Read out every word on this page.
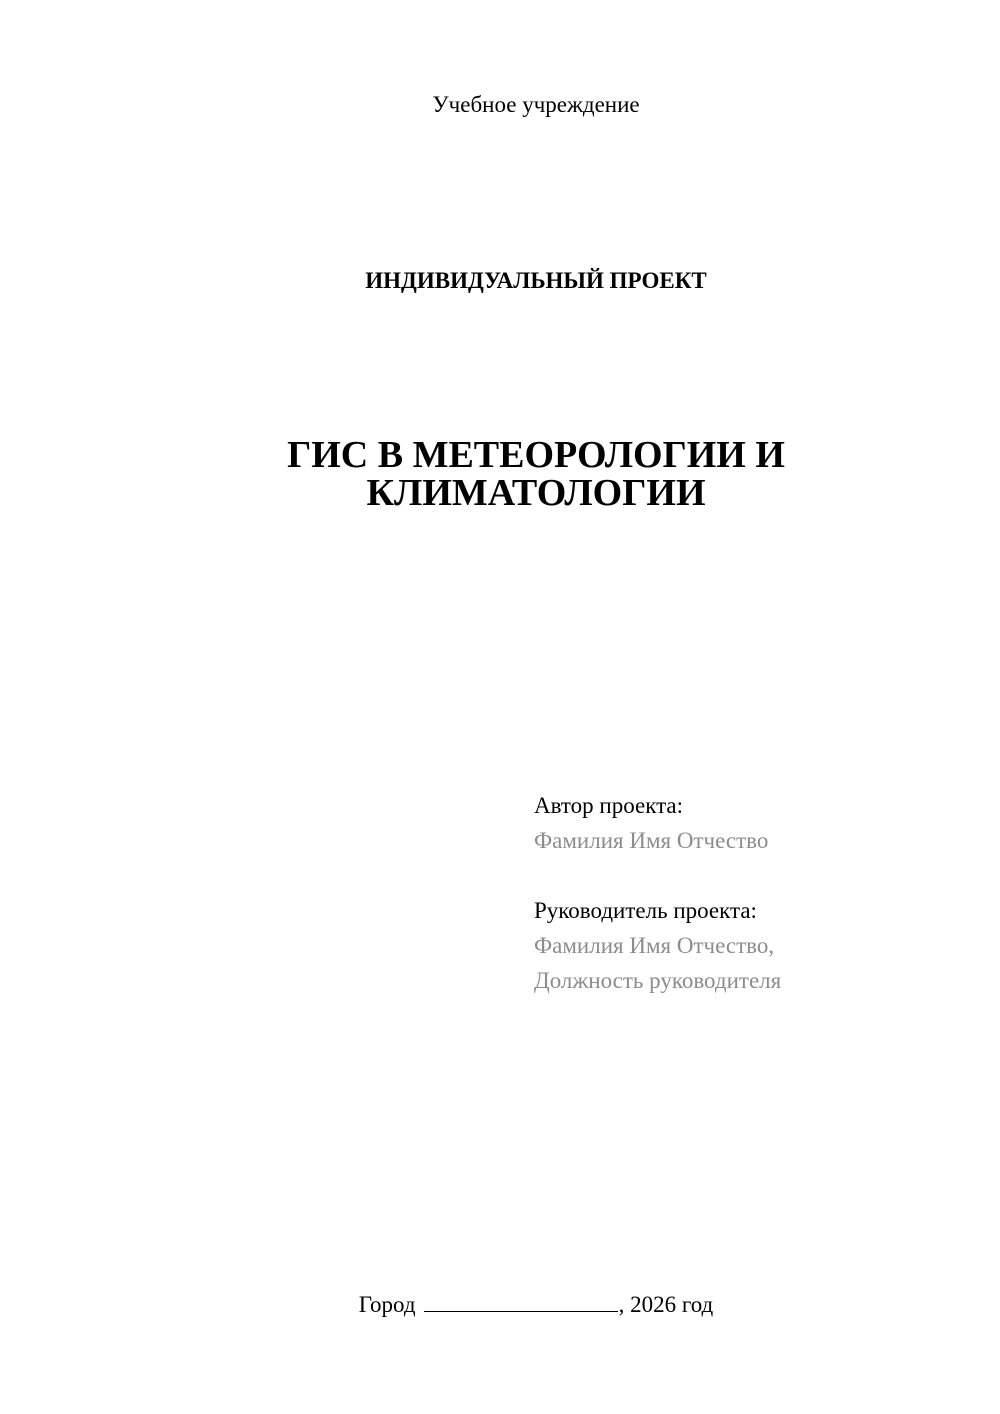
Учебное учреждение
ИНДИВИДУАЛЬНЫЙ ПРОЕКТ
ГИС В МЕТЕОРОЛОГИИ И
КЛИМАТОЛОГИИ
Автор проекта:
Фамилия Имя Отчество
Руководитель проекта:
Фамилия Имя Отчество,
Должность руководителя
Город	, 2026 год
